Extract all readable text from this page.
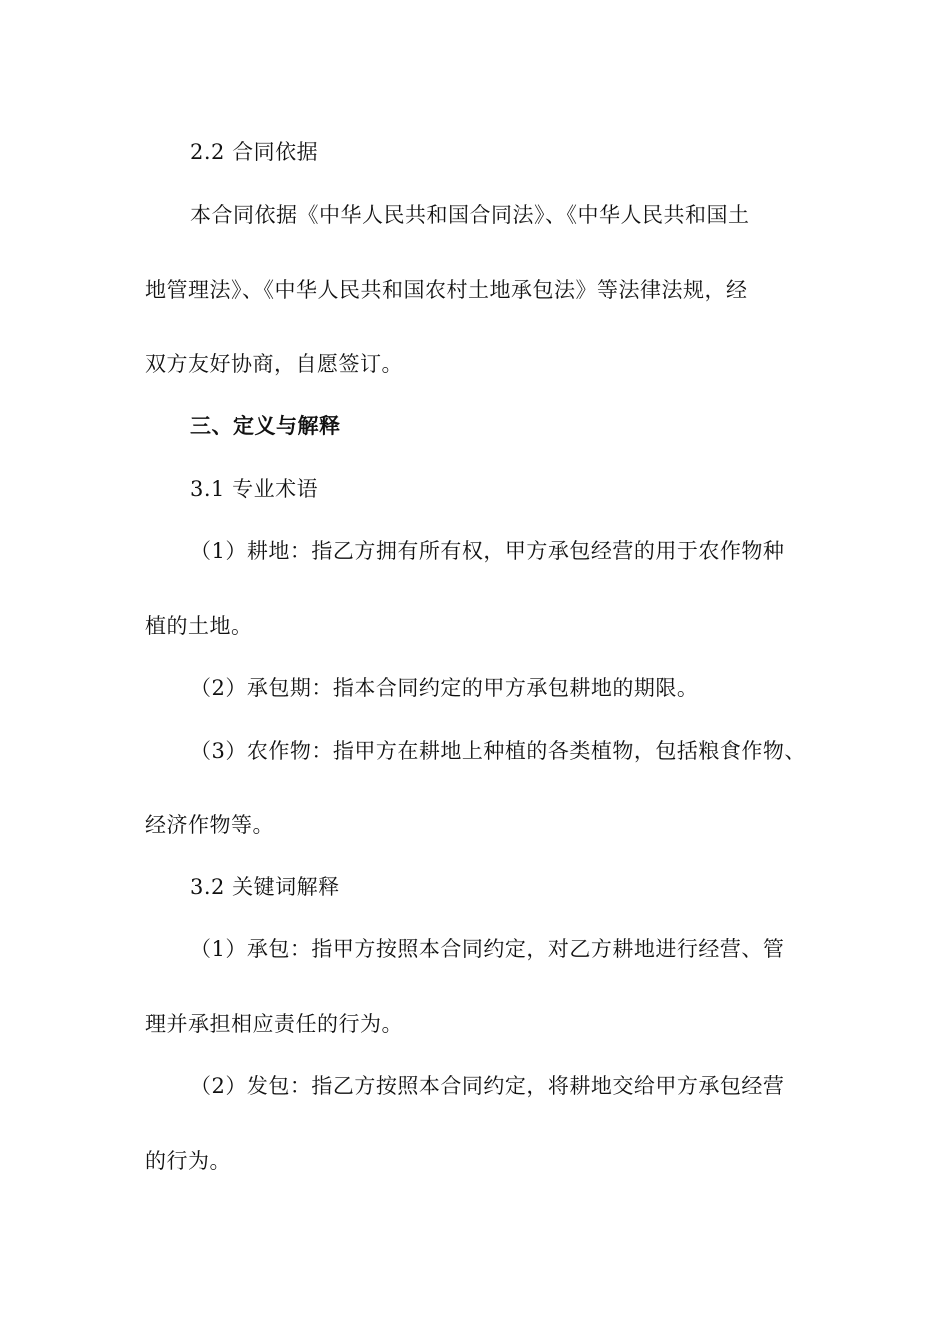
2.2 合同依据
本合同依据《中华人民共和国合同法》、《中华人民共和国土
地管理法》、《中华人民共和国农村土地承包法》等法律法规，经
双方友好协商，自愿签订。
三、定义与解释
3.1 专业术语
（1）耕地：指乙方拥有所有权，甲方承包经营的用于农作物种
植的土地。
（2）承包期：指本合同约定的甲方承包耕地的期限。
（3）农作物：指甲方在耕地上种植的各类植物，包括粮食作物、
经济作物等。
3.2 关键词解释
（1）承包：指甲方按照本合同约定，对乙方耕地进行经营、管
理并承担相应责任的行为。
（2）发包：指乙方按照本合同约定，将耕地交给甲方承包经营
的行为。
